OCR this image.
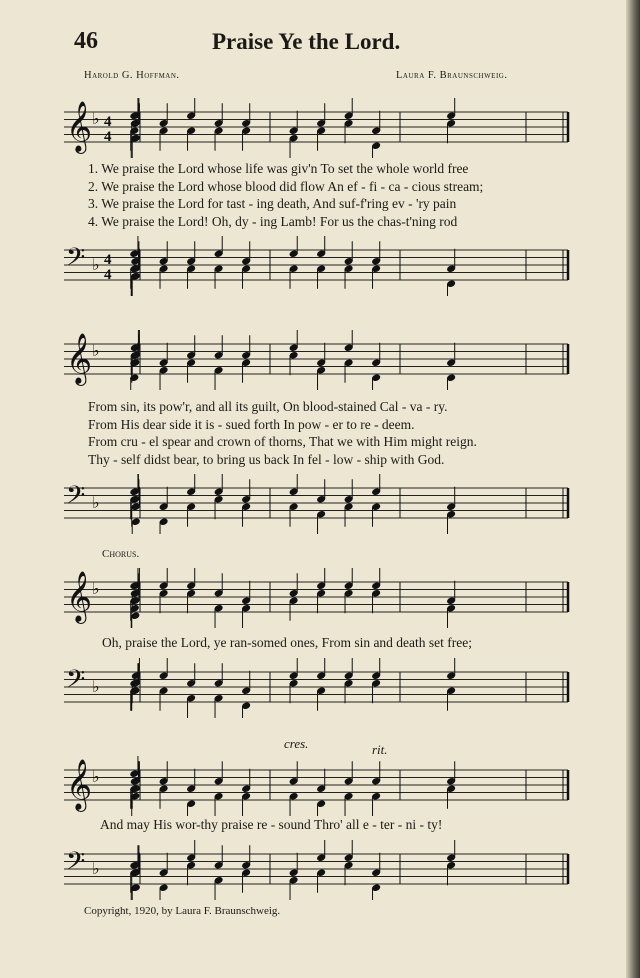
46	Praise Ye the Lord.
Harold G. Hoffman.	Laura F. Braunschweig.
𝄞 ♭ 4
4
1. We praise the Lord whose life was giv'n To set the whole world free
2. We praise the Lord whose blood did flow An ef - fi - ca - cious stream;
3. We praise the Lord for tast - ing death, And suf-f'ring ev - 'ry pain
4. We praise the Lord! Oh, dy - ing Lamb! For us the chas-t'ning rod
𝄢 ♭ 4
4
𝄞 ♭
From sin, its pow'r, and all its guilt, On blood-stained Cal - va - ry.
From His dear side it is - sued forth In pow - er to re - deem.
From cru - el spear and crown of thorns, That we with Him might reign.
Thy - self didst bear, to bring us back In fel - low - ship with God.
𝄢 ♭
Chorus.
𝄞 ♭
Oh, praise the Lord, ye ran-somed ones, From sin and death set free;
𝄢 ♭
cres.	rit.
𝄞 ♭
And may His wor-thy praise re - sound Thro' all e - ter - ni - ty!
𝄢 ♭
Copyright, 1920, by Laura F. Braunschweig.
